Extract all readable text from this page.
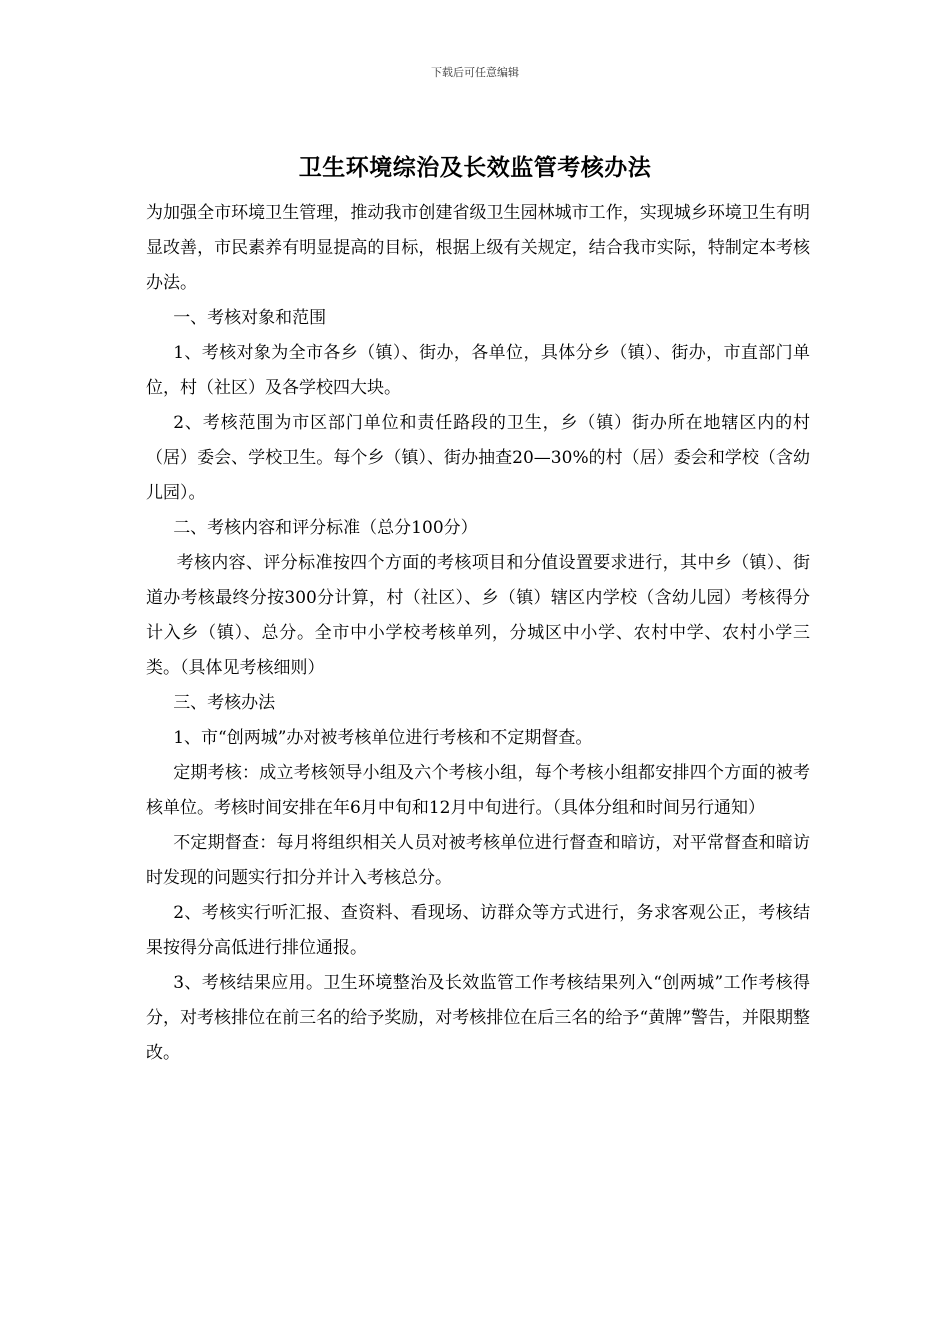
下载后可任意编辑
卫生环境综治及长效监管考核办法

为加强全市环境卫生管理，推动我市创建省级卫生园林城市工作，实现城乡环境卫生有明显改善，市民素养有明显提高的目标，根据上级有关规定，结合我市实际，特制定本考核办法。

一、考核对象和范围

1、考核对象为全市各乡（镇）、街办，各单位，具体分乡（镇）、街办，市直部门单位，村（社区）及各学校四大块。

2、考核范围为市区部门单位和责任路段的卫生，乡（镇）街办所在地辖区内的村（居）委会、学校卫生。每个乡（镇）、街办抽查20—30%的村（居）委会和学校（含幼儿园）。

二、考核内容和评分标准（总分100分）

考核内容、评分标准按四个方面的考核项目和分值设置要求进行，其中乡（镇）、街道办考核最终分按300分计算，村（社区）、乡（镇）辖区内学校（含幼儿园）考核得分计入乡（镇）、总分。全市中小学校考核单列，分城区中小学、农村中学、农村小学三类。（具体见考核细则）

三、考核办法

1、市“创两城”办对被考核单位进行考核和不定期督查。

定期考核：成立考核领导小组及六个考核小组，每个考核小组都安排四个方面的被考核单位。考核时间安排在年6月中旬和12月中旬进行。（具体分组和时间另行通知）

不定期督查：每月将组织相关人员对被考核单位进行督查和暗访，对平常督查和暗访时发现的问题实行扣分并计入考核总分。

2、考核实行听汇报、查资料、看现场、访群众等方式进行，务求客观公正，考核结果按得分高低进行排位通报。

3、考核结果应用。卫生环境整治及长效监管工作考核结果列入“创两城”工作考核得分，对考核排位在前三名的给予奖励，对考核排位在后三名的给予“黄牌”警告，并限期整改。
